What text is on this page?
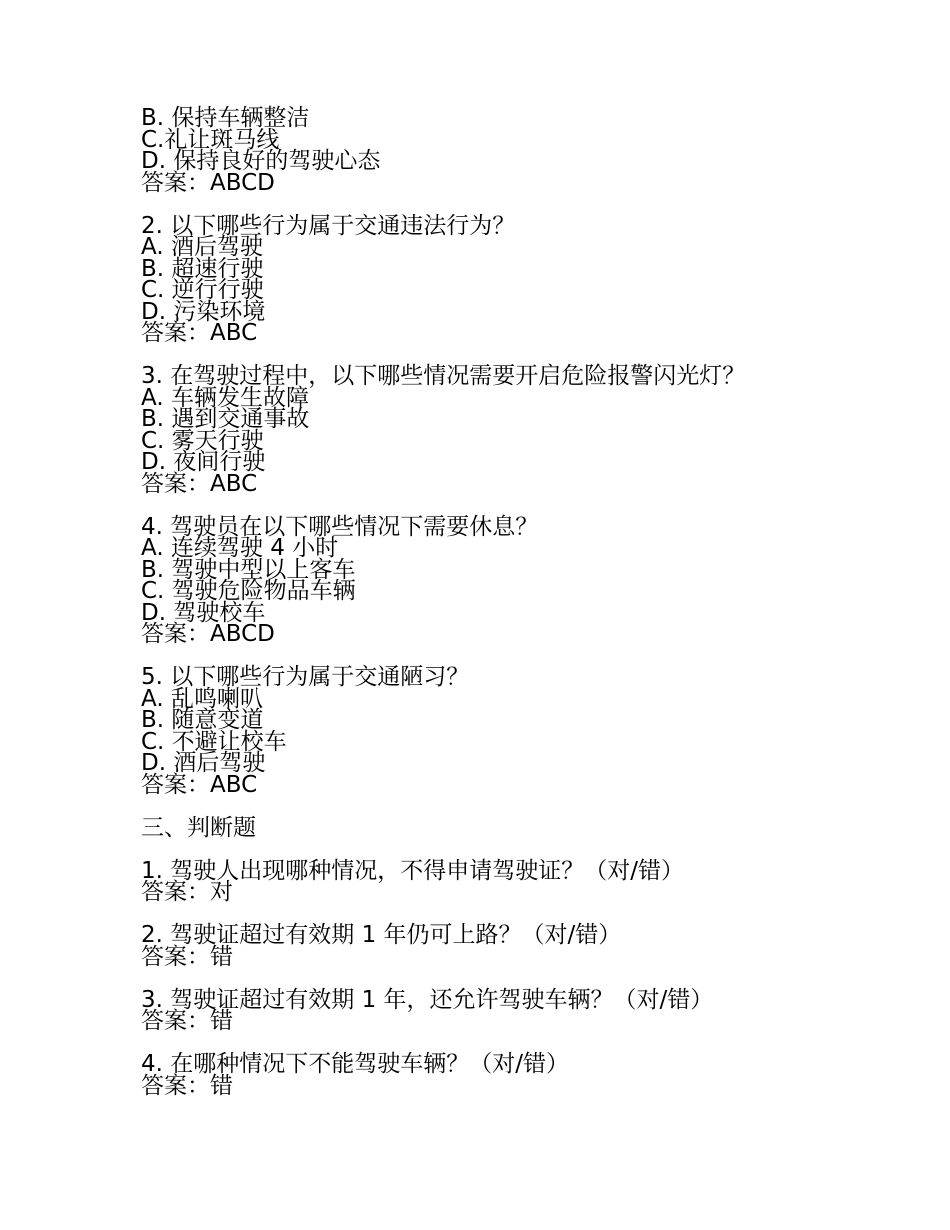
B. 保持车辆整洁

C.礼让斑马线

D. 保持良好的驾驶心态

答案：ABCD

2. 以下哪些行为属于交通违法行为？

A. 酒后驾驶

B. 超速行驶

C. 逆行行驶

D. 污染环境

答案：ABC

3. 在驾驶过程中，以下哪些情况需要开启危险报警闪光灯？

A. 车辆发生故障

B. 遇到交通事故

C. 雾天行驶

D. 夜间行驶

答案：ABC

4. 驾驶员在以下哪些情况下需要休息？

A. 连续驾驶 4 小时

B. 驾驶中型以上客车

C. 驾驶危险物品车辆

D. 驾驶校车

答案：ABCD

5. 以下哪些行为属于交通陋习？

A. 乱鸣喇叭

B. 随意变道

C. 不避让校车

D. 酒后驾驶

答案：ABC

三、判断题

1. 驾驶人出现哪种情况，不得申请驾驶证？（对/错）

答案：对

2. 驾驶证超过有效期 1 年仍可上路？（对/错）

答案：错

3. 驾驶证超过有效期 1 年，还允许驾驶车辆？（对/错）

答案：错

4. 在哪种情况下不能驾驶车辆？（对/错）

答案：错
